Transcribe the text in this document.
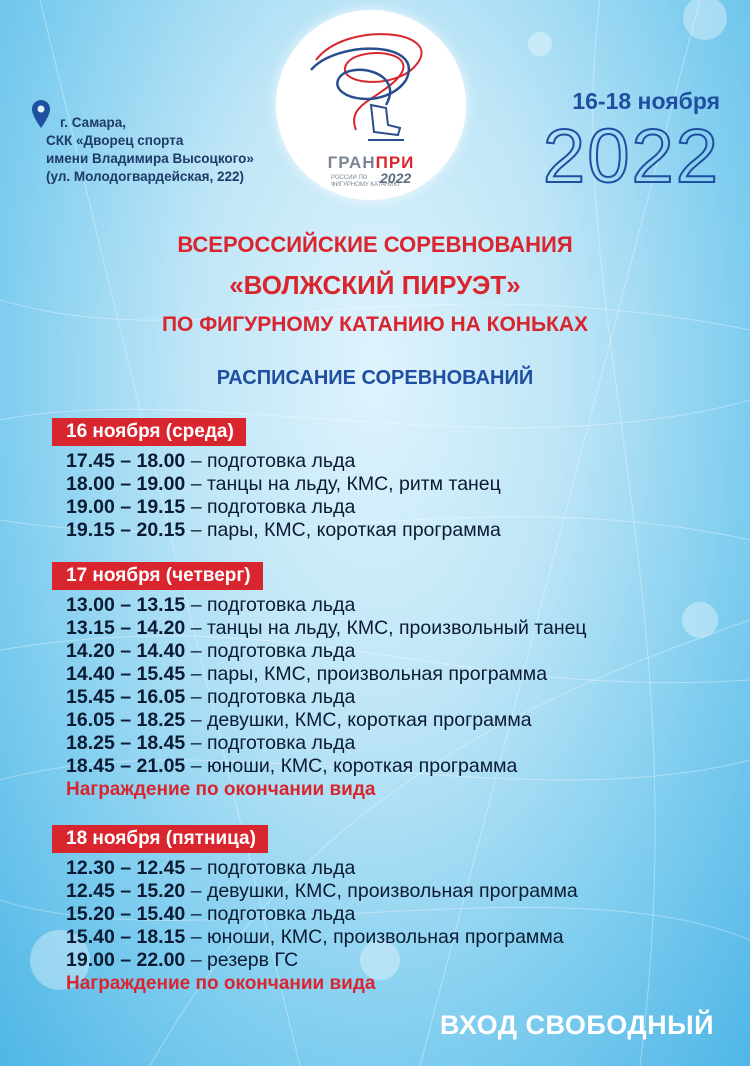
ГРАНПРИ
РОССИИ ПО
ФИГУРНОМУ КАТАНИЮ
2022
г. Самара,
СКК «Дворец спорта
имени Владимира Высоцкого»
(ул. Молодогвардейская, 222)
16-18 ноября
2022
ВСЕРОССИЙСКИЕ СОРЕВНОВАНИЯ
«ВОЛЖСКИЙ ПИРУЭТ»
ПО ФИГУРНОМУ КАТАНИЮ НА КОНЬКАХ
РАСПИСАНИЕ СОРЕВНОВАНИЙ
16 ноября (среда)
17.45 – 18.00 – подготовка льда
18.00 – 19.00 – танцы на льду, КМС, ритм танец
19.00 – 19.15 – подготовка льда
19.15 – 20.15 – пары, КМС, короткая программа
17 ноября (четверг)
13.00 – 13.15 – подготовка льда
13.15 – 14.20 – танцы на льду, КМС, произвольный танец
14.20 – 14.40 – подготовка льда
14.40 – 15.45 – пары, КМС, произвольная программа
15.45 – 16.05 – подготовка льда
16.05 – 18.25 – девушки, КМС, короткая программа
18.25 – 18.45 – подготовка льда
18.45 – 21.05 – юноши, КМС, короткая программа
Награждение по окончании вида
18 ноября (пятница)
12.30 – 12.45 – подготовка льда
12.45 – 15.20 – девушки, КМС, произвольная программа
15.20 – 15.40 – подготовка льда
15.40 – 18.15 – юноши, КМС, произвольная программа
19.00 – 22.00 – резерв ГС
Награждение по окончании вида
ВХОД СВОБОДНЫЙ
